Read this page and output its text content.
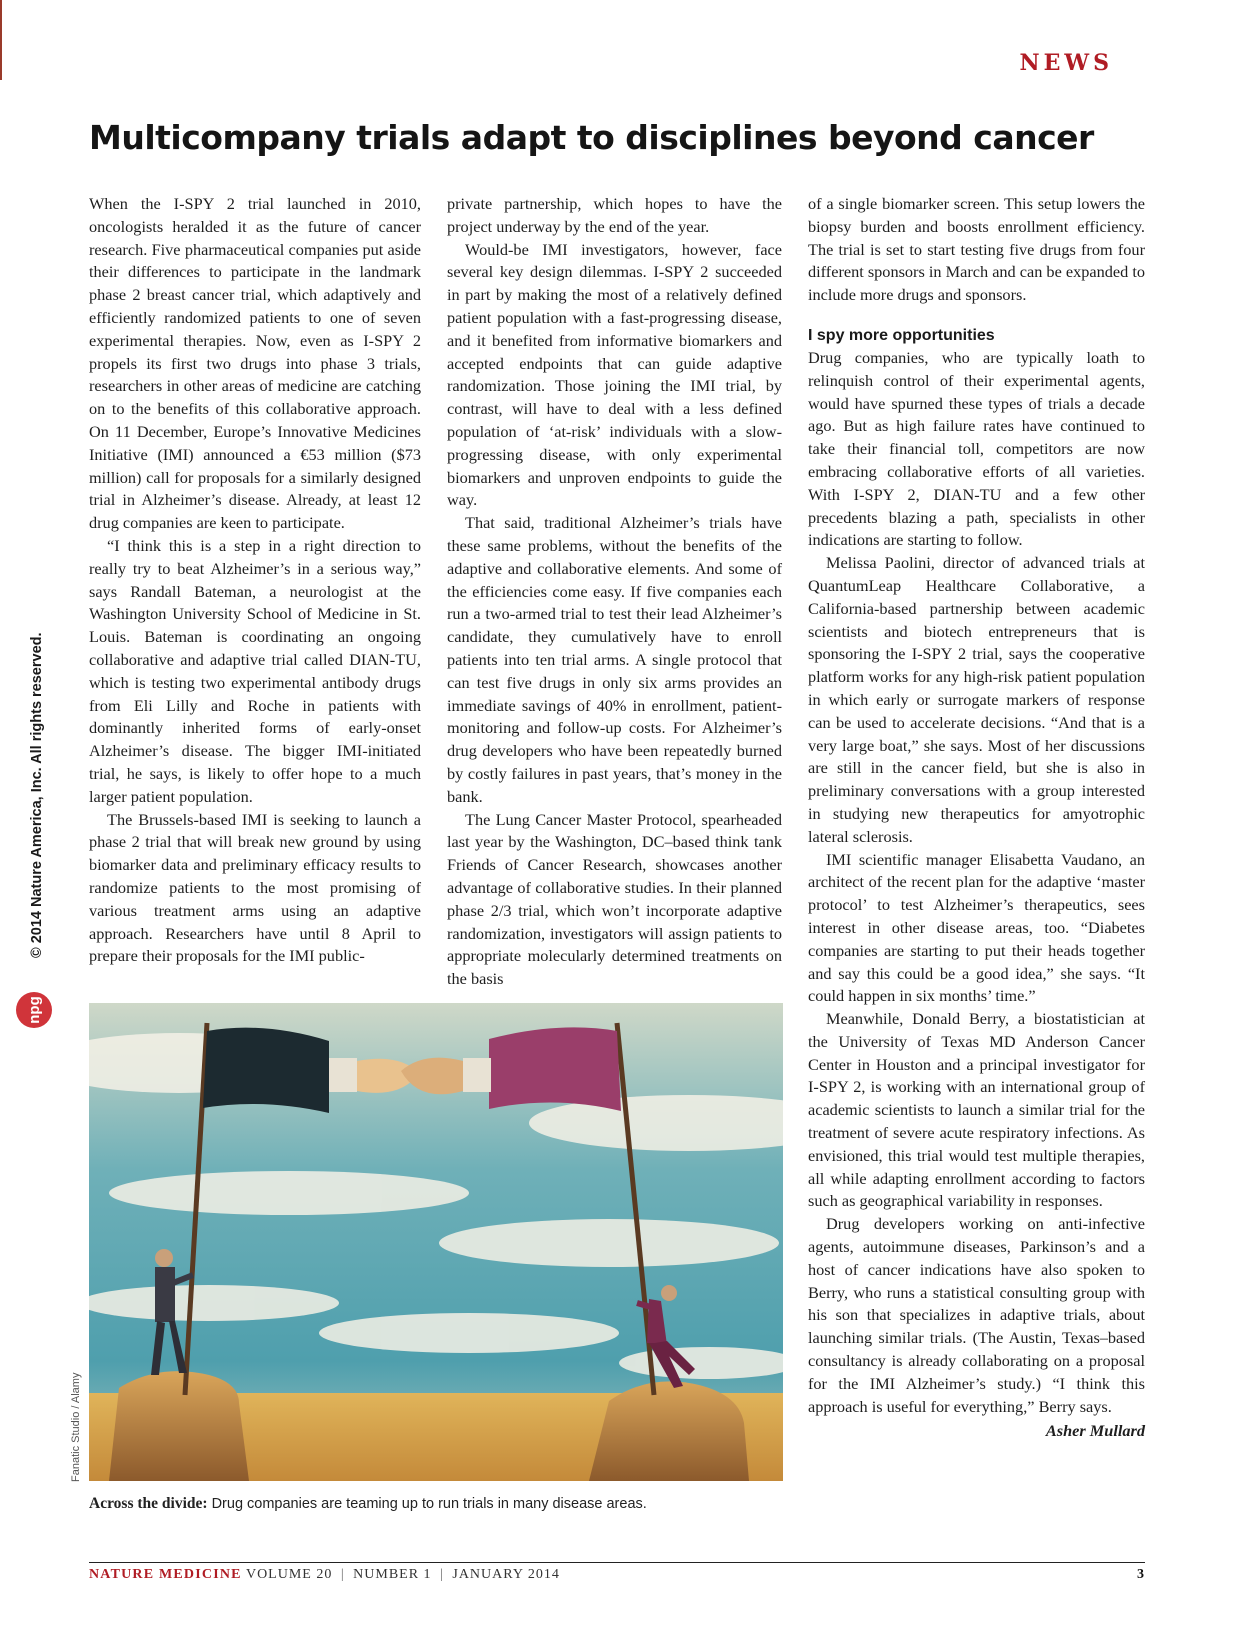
NEWS
Multicompany trials adapt to disciplines beyond cancer

When the I-SPY 2 trial launched in 2010, oncologists heralded it as the future of cancer research. Five pharmaceutical companies put aside their differences to participate in the landmark phase 2 breast cancer trial, which adaptively and efficiently randomized patients to one of seven experimental therapies. Now, even as I-SPY 2 propels its first two drugs into phase 3 trials, researchers in other areas of medicine are catching on to the benefits of this collaborative approach. On 11 December, Europe’s Innovative Medicines Initiative (IMI) announced a €53 million ($73 million) call for proposals for a similarly designed trial in Alzheimer’s disease. Already, at least 12 drug companies are keen to participate.

“I think this is a step in a right direction to really try to beat Alzheimer’s in a serious way,” says Randall Bateman, a neurologist at the Washington University School of Medicine in St. Louis. Bateman is coordinating an ongoing collaborative and adaptive trial called DIAN-TU, which is testing two experimental antibody drugs from Eli Lilly and Roche in patients with dominantly inherited forms of early-onset Alzheimer’s disease. The bigger IMI-initiated trial, he says, is likely to offer hope to a much larger patient population.

The Brussels-based IMI is seeking to launch a phase 2 trial that will break new ground by using biomarker data and preliminary efficacy results to randomize patients to the most promising of various treatment arms using an adaptive approach. Researchers have until 8 April to prepare their proposals for the IMI public-

private partnership, which hopes to have the project underway by the end of the year.

Would-be IMI investigators, however, face several key design dilemmas. I-SPY 2 succeeded in part by making the most of a relatively defined patient population with a fast-progressing disease, and it benefited from informative biomarkers and accepted endpoints that can guide adaptive randomization. Those joining the IMI trial, by contrast, will have to deal with a less defined population of ‘at-risk’ individuals with a slow-progressing disease, with only experimental biomarkers and unproven endpoints to guide the way.

That said, traditional Alzheimer’s trials have these same problems, without the benefits of the adaptive and collaborative elements. And some of the efficiencies come easy. If five companies each run a two-armed trial to test their lead Alzheimer’s candidate, they cumulatively have to enroll patients into ten trial arms. A single protocol that can test five drugs in only six arms provides an immediate savings of 40% in enrollment, patient-monitoring and follow-up costs. For Alzheimer’s drug developers who have been repeatedly burned by costly failures in past years, that’s money in the bank.

The Lung Cancer Master Protocol, spearheaded last year by the Washington, DC–based think tank Friends of Cancer Research, showcases another advantage of collaborative studies. In their planned phase 2/3 trial, which won’t incorporate adaptive randomization, investigators will assign patients to appropriate molecularly determined treatments on the basis

of a single biomarker screen. This setup lowers the biopsy burden and boosts enrollment efficiency. The trial is set to start testing five drugs from four different sponsors in March and can be expanded to include more drugs and sponsors.

I spy more opportunities

Drug companies, who are typically loath to relinquish control of their experimental agents, would have spurned these types of trials a decade ago. But as high failure rates have continued to take their financial toll, competitors are now embracing collaborative efforts of all varieties. With I-SPY 2, DIAN-TU and a few other precedents blazing a path, specialists in other indications are starting to follow.

Melissa Paolini, director of advanced trials at QuantumLeap Healthcare Collaborative, a California-based partnership between academic scientists and biotech entrepreneurs that is sponsoring the I-SPY 2 trial, says the cooperative platform works for any high-risk patient population in which early or surrogate markers of response can be used to accelerate decisions. “And that is a very large boat,” she says. Most of her discussions are still in the cancer field, but she is also in preliminary conversations with a group interested in studying new therapeutics for amyotrophic lateral sclerosis.

IMI scientific manager Elisabetta Vaudano, an architect of the recent plan for the adaptive ‘master protocol’ to test Alzheimer’s therapeutics, sees interest in other disease areas, too. “Diabetes companies are starting to put their heads together and say this could be a good idea,” she says. “It could happen in six months’ time.”

Meanwhile, Donald Berry, a biostatistician at the University of Texas MD Anderson Cancer Center in Houston and a principal investigator for I-SPY 2, is working with an international group of academic scientists to launch a similar trial for the treatment of severe acute respiratory infections. As envisioned, this trial would test multiple therapies, all while adapting enrollment according to factors such as geographical variability in responses.

Drug developers working on anti-infective agents, autoimmune diseases, Parkinson’s and a host of cancer indications have also spoken to Berry, who runs a statistical consulting group with his son that specializes in adaptive trials, about launching similar trials. (The Austin, Texas–based consultancy is already collaborating on a proposal for the IMI Alzheimer’s study.) “I think this approach is useful for everything,” Berry says.

Asher Mullard
Across the divide: Drug companies are teaming up to run trials in many disease areas.
Fanatic Studio / Alamy
© 2014 Nature America, Inc. All rights reserved.
npg
NATURE MEDICINE VOLUME 20 | NUMBER 1 | JANUARY 2014	3
